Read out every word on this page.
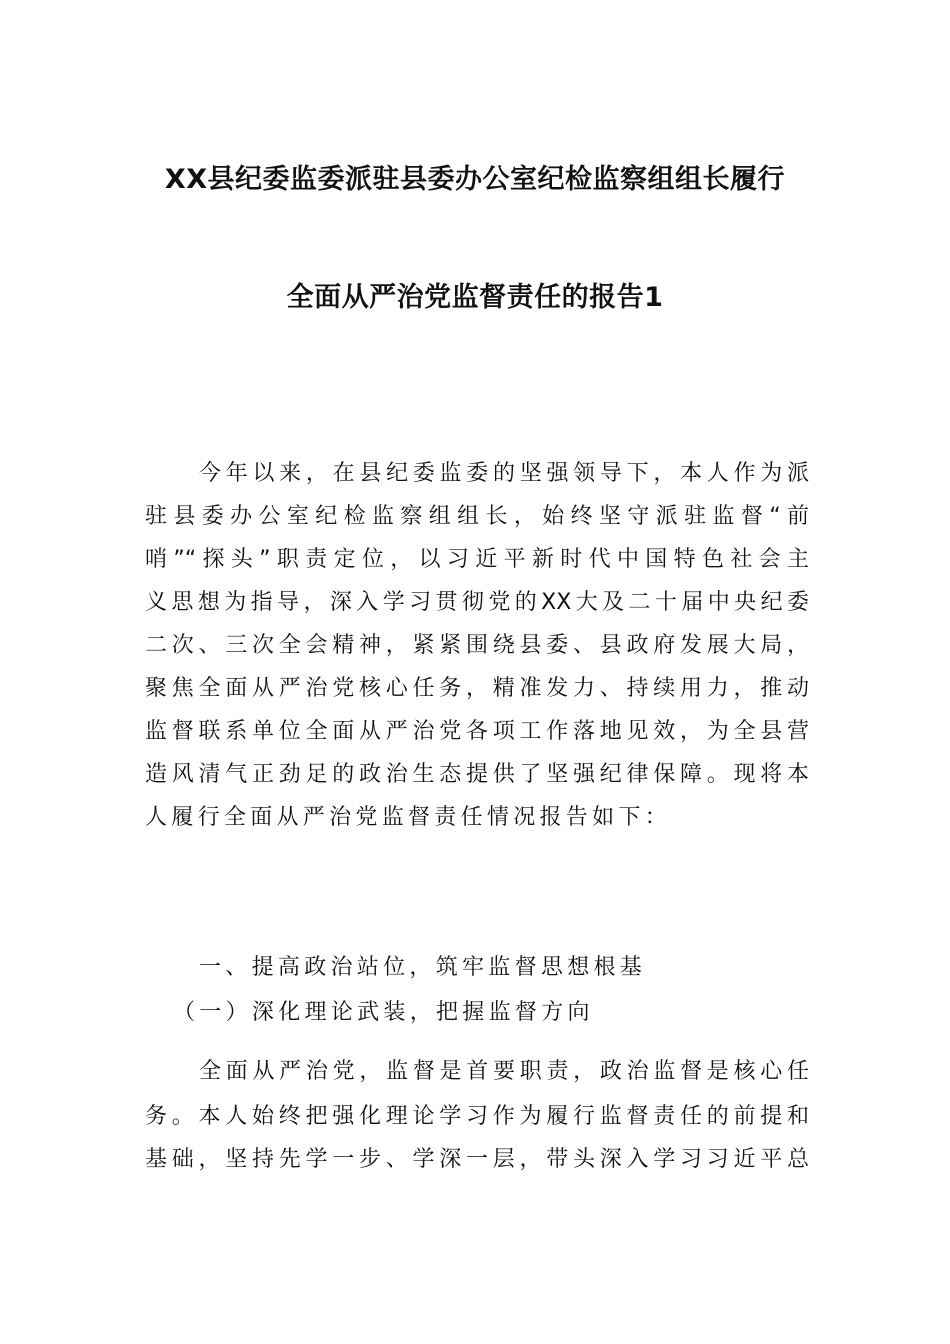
XX县纪委监委派驻县委办公室纪检监察组组长履行
全面从严治党监督责任的报告1
今年以来，在县纪委监委的坚强领导下，本人作为派
驻县委办公室纪检监察组组长，始终坚守派驻监督“前
哨”“探头”职责定位，以习近平新时代中国特色社会主
义思想为指导，深入学习贯彻党的XX大及二十届中央纪委
二次、三次全会精神，紧紧围绕县委、县政府发展大局，
聚焦全面从严治党核心任务，精准发力、持续用力，推动
监督联系单位全面从严治党各项工作落地见效，为全县营
造风清气正劲足的政治生态提供了坚强纪律保障。现将本
人履行全面从严治党监督责任情况报告如下：
一、提高政治站位，筑牢监督思想根基
（一）深化理论武装，把握监督方向
全面从严治党，监督是首要职责，政治监督是核心任
务。本人始终把强化理论学习作为履行监督责任的前提和
基础，坚持先学一步、学深一层，带头深入学习习近平总
